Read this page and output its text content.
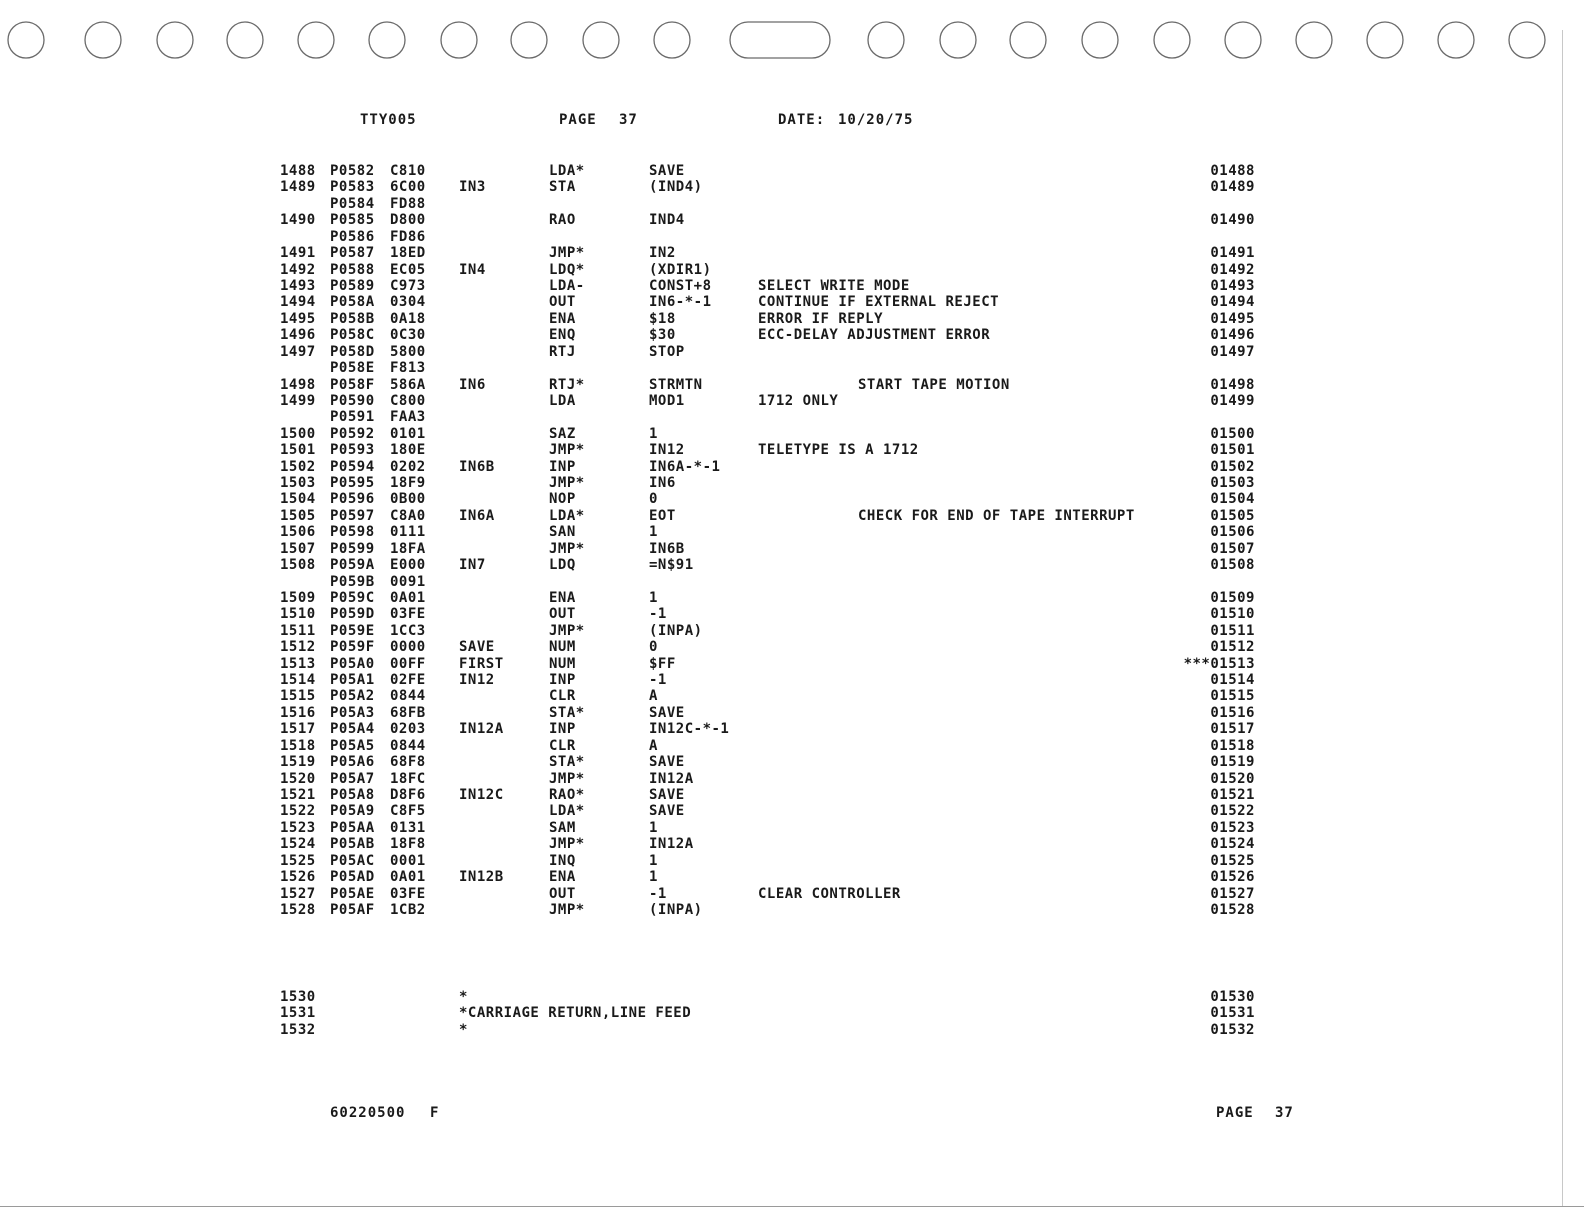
TTY005	PAGE 37	DATE: 10/20/75
1488 P0582 C810	LDA*	SAVE	01488
1489 P0583 6C00 IN3	STA	(IND4)	01489
P0584 FD88
1490 P0585 D800	RAO	IND4	01490
P0586 FD86
1491 P0587 18ED	JMP*	IN2	01491
1492 P0588 EC05 IN4	LDQ*	(XDIR1)	01492
1493 P0589 C973	LDA-	CONST+8	SELECT WRITE MODE	01493
1494 P058A 0304	OUT	IN6-*-1	CONTINUE IF EXTERNAL REJECT	01494
1495 P058B 0A18	ENA	$18	ERROR IF REPLY	01495
1496 P058C 0C30	ENQ	$30	ECC-DELAY ADJUSTMENT ERROR	01496
1497 P058D 5800	RTJ	STOP	01497
P058E F813
1498 P058F 586A IN6	RTJ*	STRMTN	START TAPE MOTION	01498
1499 P0590 C800	LDA	MOD1	1712 ONLY	01499
P0591 FAA3
1500 P0592 0101	SAZ	1	01500
1501 P0593 180E	JMP*	IN12	TELETYPE IS A 1712	01501
1502 P0594 0202 IN6B	INP	IN6A-*-1	01502
1503 P0595 18F9	JMP*	IN6	01503
1504 P0596 0B00	NOP	0	01504
1505 P0597 C8A0 IN6A	LDA*	EOT	CHECK FOR END OF TAPE INTERRUPT	01505
1506 P0598 0111	SAN	1	01506
1507 P0599 18FA	JMP*	IN6B	01507
1508 P059A E000 IN7	LDQ	=N$91	01508
P059B 0091
1509 P059C 0A01	ENA	1	01509
1510 P059D 03FE	OUT	-1	01510
1511 P059E 1CC3	JMP*	(INPA)	01511
1512 P059F 0000 SAVE	NUM	0	01512
1513 P05A0 00FF FIRST	NUM	$FF	***01513
1514 P05A1 02FE IN12	INP	-1	01514
1515 P05A2 0844	CLR	A	01515
1516 P05A3 68FB	STA*	SAVE	01516
1517 P05A4 0203 IN12A	INP	IN12C-*-1	01517
1518 P05A5 0844	CLR	A	01518
1519 P05A6 68F8	STA*	SAVE	01519
1520 P05A7 18FC	JMP*	IN12A	01520
1521 P05A8 D8F6 IN12C	RAO*	SAVE	01521
1522 P05A9 C8F5	LDA*	SAVE	01522
1523 P05AA 0131	SAM	1	01523
1524 P05AB 18F8	JMP*	IN12A	01524
1525 P05AC 0001	INQ	1	01525
1526 P05AD 0A01 IN12B	ENA	1	01526
1527 P05AE 03FE	OUT	-1	CLEAR CONTROLLER	01527
1528 P05AF 1CB2	JMP*	(INPA)	01528
1530	*	01530
1531	*CARRIAGE RETURN,LINE FEED	01531
1532	*	01532
60220500 F	PAGE 37
